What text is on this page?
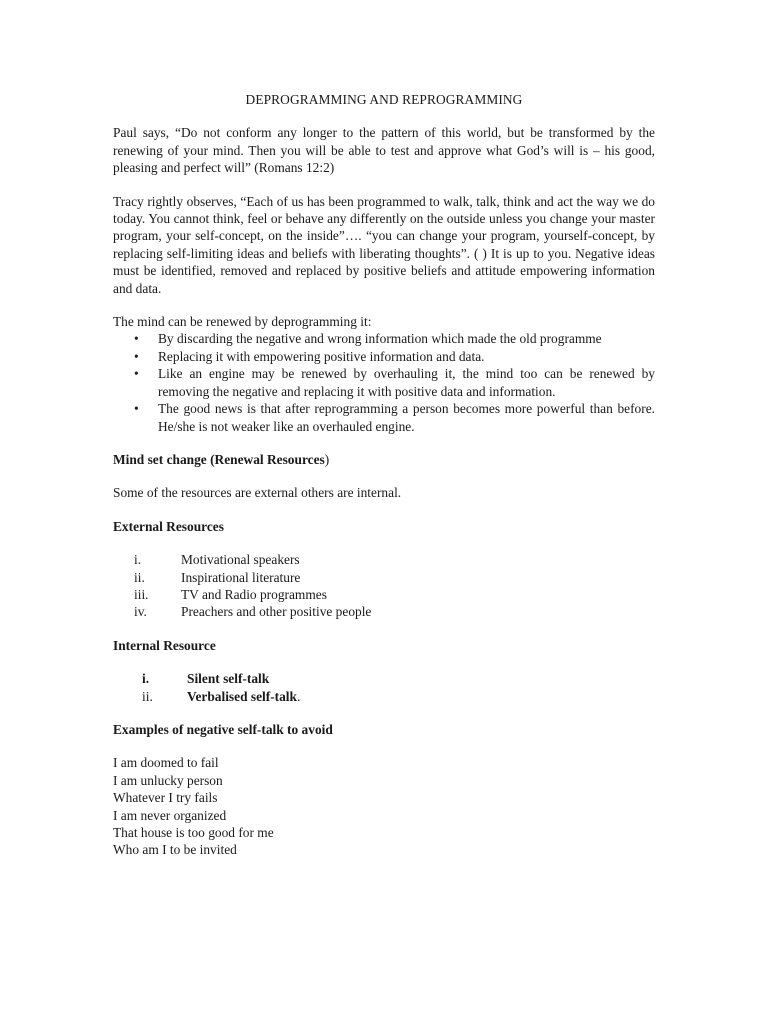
DEPROGRAMMING AND REPROGRAMMING

Paul says, “Do not conform any longer to the pattern of this world, but be transformed by the renewing of your mind. Then you will be able to test and approve what God’s will is – his good, pleasing and perfect will” (Romans 12:2)

Tracy rightly observes, “Each of us has been programmed to walk, talk, think and act the way we do today. You cannot think, feel or behave any differently on the outside unless you change your master program, your self-concept, on the inside”…. “you can change your program, yourself-concept, by replacing self-limiting ideas and beliefs with liberating thoughts”. ( ) It is up to you. Negative ideas must be identified, removed and replaced by positive beliefs and attitude empowering information and data.

The mind can be renewed by deprogramming it:

• By discarding the negative and wrong information which made the old programme
• Replacing it with empowering positive information and data.
• Like an engine may be renewed by overhauling it, the mind too can be renewed by removing the negative and replacing it with positive data and information.
• The good news is that after reprogramming a person becomes more powerful than before. He/she is not weaker like an overhauled engine.

Mind set change (Renewal Resources)

Some of the resources are external others are internal.

External Resources

i.	Motivational speakers
ii.	Inspirational literature
iii. TV and Radio programmes
iv.	Preachers and other positive people

Internal Resource

i.	Silent self-talk
ii.	Verbalised self-talk.

Examples of negative self-talk to avoid

I am doomed to fail

I am unlucky person

Whatever I try fails

I am never organized

That house is too good for me

Who am I to be invited
